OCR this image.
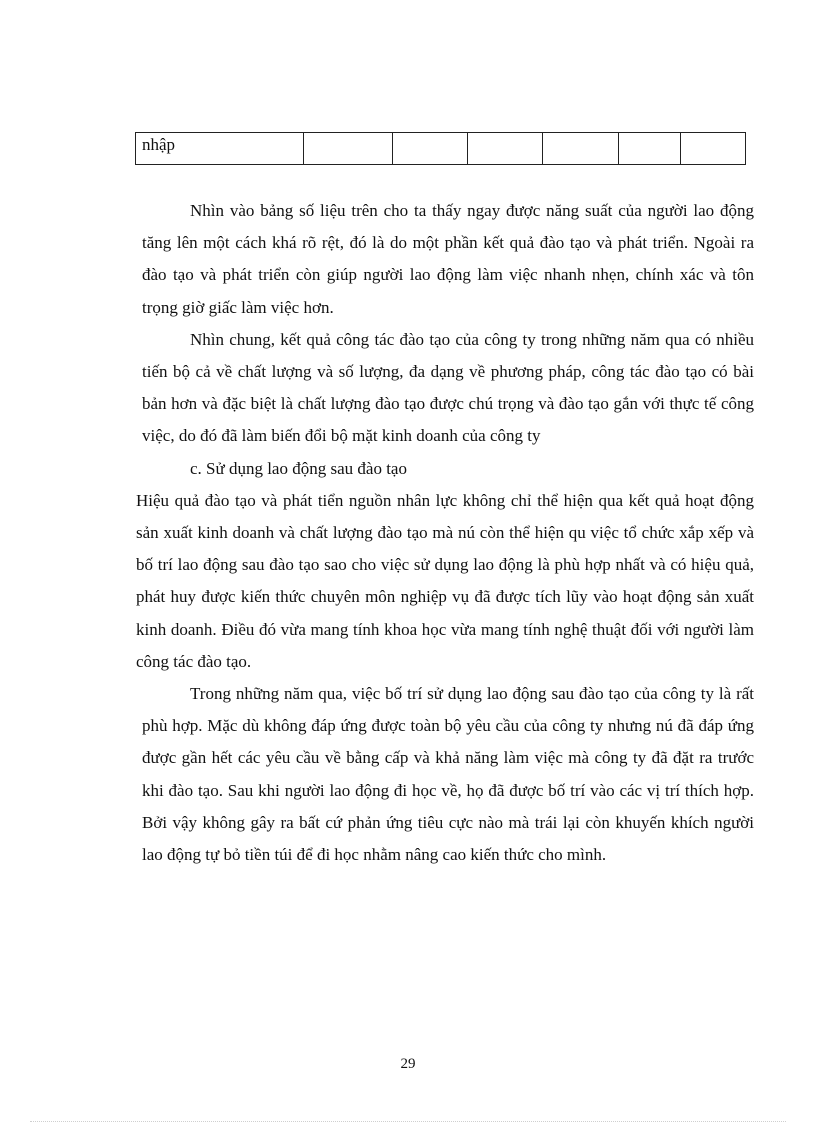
nhập						

Nhìn vào bảng số liệu trên cho ta thấy ngay được năng suất của người lao động tăng lên một cách khá rõ rệt, đó là do một phần kết quả đào tạo và phát triển. Ngoài ra đào tạo và phát triển còn giúp người lao động làm việc nhanh nhẹn, chính xác và tôn trọng giờ giấc làm việc hơn.

Nhìn chung, kết quả công tác đào tạo của công ty trong những năm qua có nhiều tiến bộ cả về chất lượng và số lượng, đa dạng về phương pháp, công tác đào tạo có bài bản hơn và đặc biệt là chất lượng đào tạo được chú trọng và đào tạo gắn với thực tế công việc, do đó đã làm biến đổi bộ mặt kinh doanh của công ty

c. Sử dụng lao động sau đào tạo

Hiệu quả đào tạo và phát tiển nguồn nhân lực không chỉ thể hiện qua kết quả hoạt động sản xuất kinh doanh và chất lượng đào tạo mà nú còn thể hiện qu việc tổ chức xắp xếp và bố trí lao động sau đào tạo sao cho việc sử dụng lao động là phù hợp nhất và có hiệu quả, phát huy được kiến thức chuyên môn nghiệp vụ đã được tích lũy vào hoạt động sản xuất kinh doanh. Điều đó vừa mang tính khoa học vừa mang tính nghệ thuật đối với người làm công tác đào tạo.

Trong những năm qua, việc bố trí sử dụng lao động sau đào tạo của công ty là rất phù hợp. Mặc dù không đáp ứng được toàn bộ yêu cầu của công ty nhưng nú đã đáp ứng được gần hết các yêu cầu về bằng cấp và khả năng làm việc mà công ty đã đặt ra trước khi đào tạo. Sau khi người lao động đi học về, họ đã được bố trí vào các vị trí thích hợp. Bởi vậy không gây ra bất cứ phản ứng tiêu cực nào mà trái lại còn khuyến khích người lao động tự bỏ tiền túi để đi học nhằm nâng cao kiến thức cho mình.

29
